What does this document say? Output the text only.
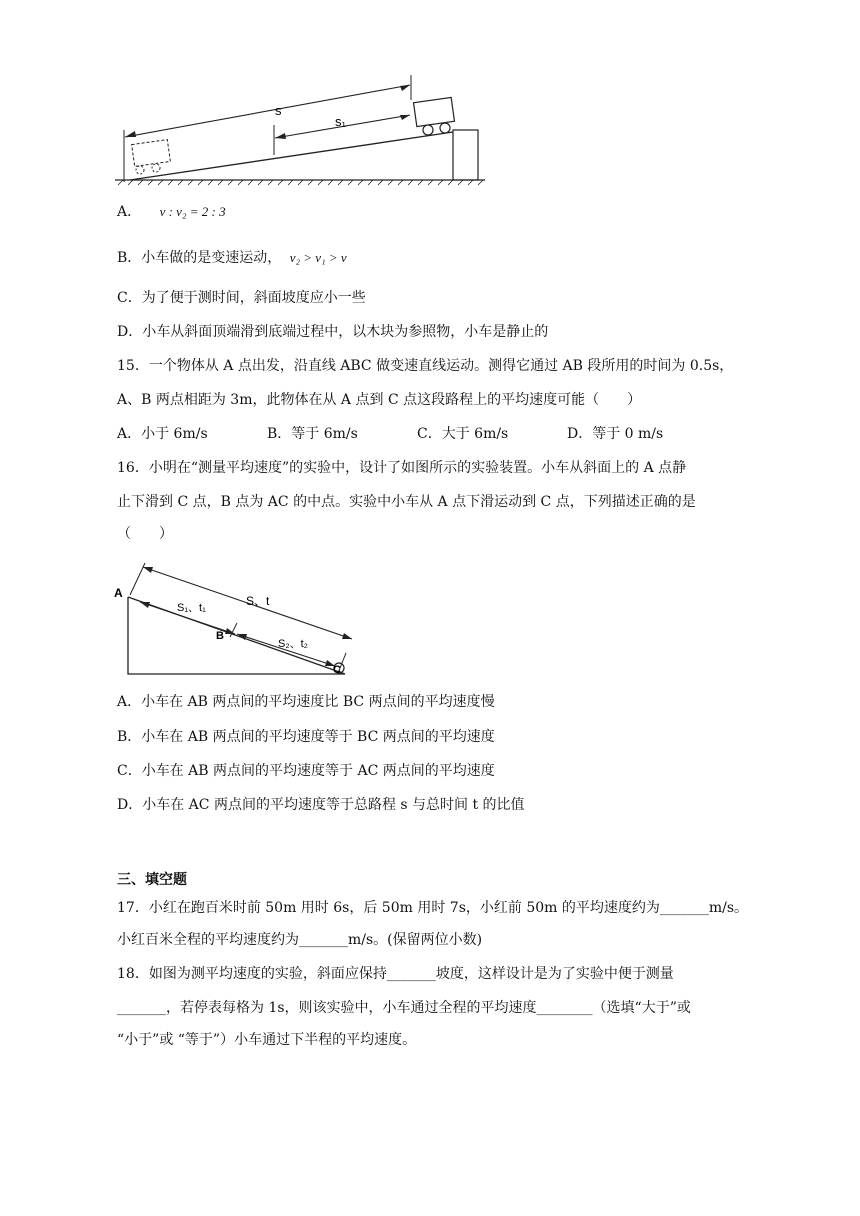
s
s₁
A． v : v₂ = 2 : 3
B．小车做的是变速运动， v₂ > v₁ > v
C．为了便于测时间，斜面坡度应小一些
D．小车从斜面顶端滑到底端过程中，以木块为参照物，小车是静止的
15．一个物体从 A 点出发，沿直线 ABC 做变速直线运动。测得它通过 AB 段所用的时间为 0.5s，
A、B 两点相距为 3m，此物体在从 A 点到 C 点这段路程上的平均速度可能（　　）
A．小于 6m/s	B．等于 6m/s	C．大于 6m/s	D．等于 0 m/s
16．小明在“测量平均速度”的实验中，设计了如图所示的实验装置。小车从斜面上的 A 点静
止下滑到 C 点，B 点为 AC 的中点。实验中小车从 A 点下滑运动到 C 点，下列描述正确的是
（　　）
A
B
C
S、t
S₁、t₁
S₂、t₂
A．小车在 AB 两点间的平均速度比 BC 两点间的平均速度慢
B．小车在 AB 两点间的平均速度等于 BC 两点间的平均速度
C．小车在 AB 两点间的平均速度等于 AC 两点间的平均速度
D．小车在 AC 两点间的平均速度等于总路程 s 与总时间 t 的比值
三、填空题
17．小红在跑百米时前 50m 用时 6s，后 50m 用时 7s，小红前 50m 的平均速度约为_______m/s。
小红百米全程的平均速度约为_______m/s。(保留两位小数)
18．如图为测平均速度的实验，斜面应保持_______坡度，这样设计是为了实验中便于测量
_______，若停表每格为 1s，则该实验中，小车通过全程的平均速度________（选填“大于”或
“小于”或 “等于”）小车通过下半程的平均速度。
